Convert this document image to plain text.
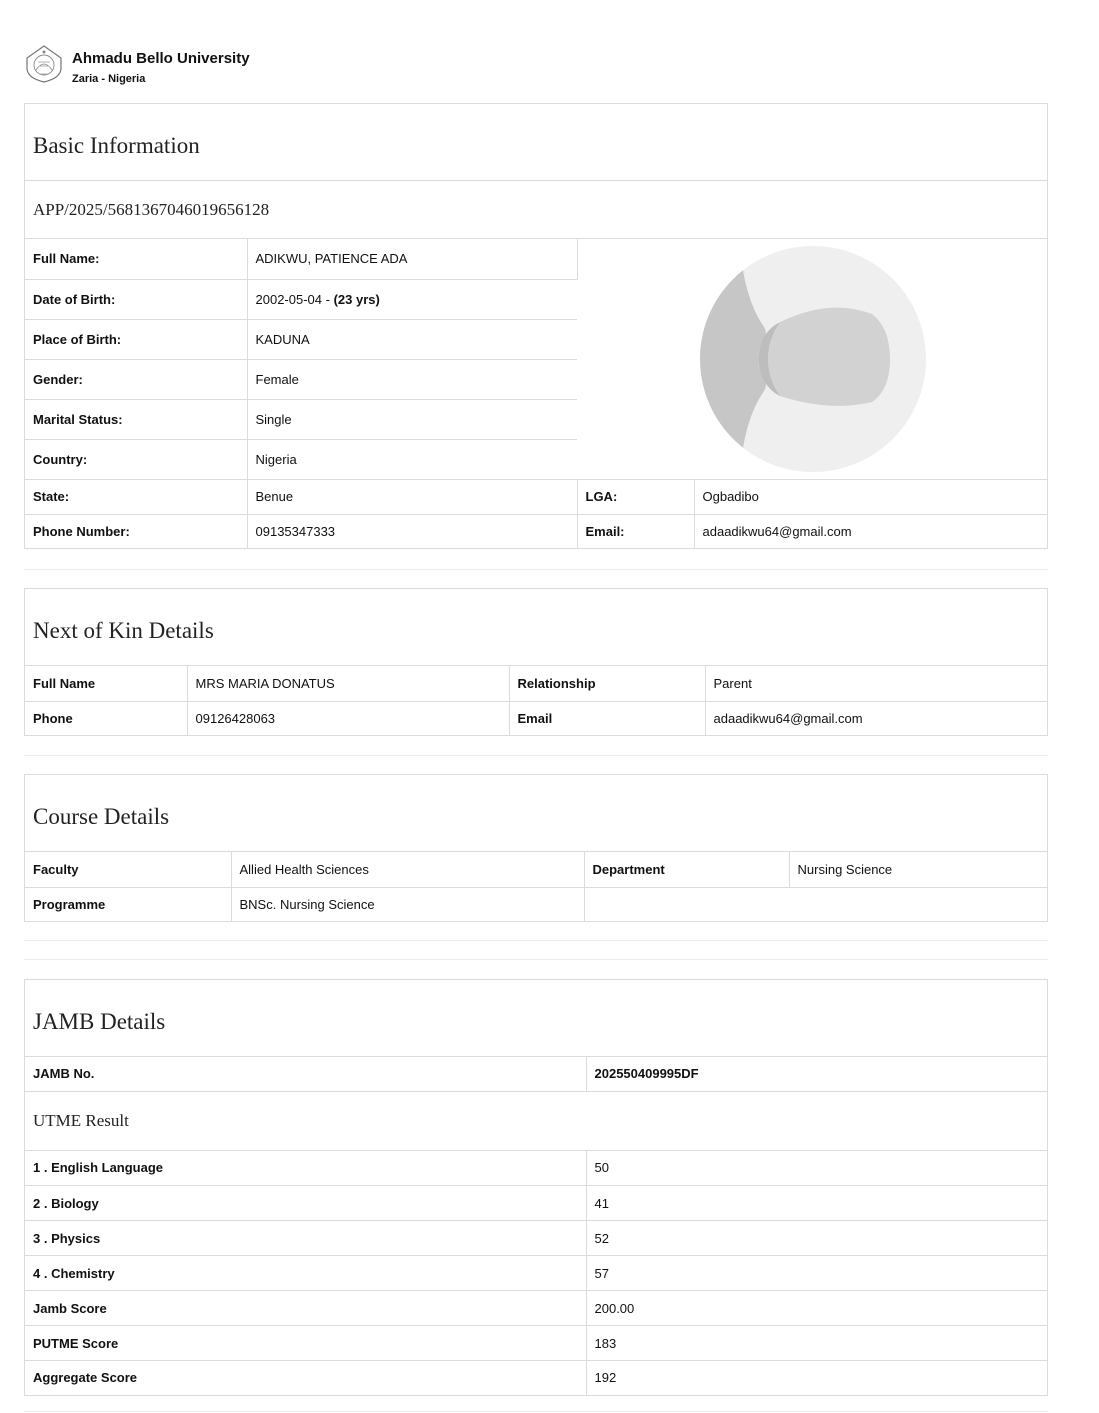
Ahmadu Bello University
Zaria - Nigeria
Basic Information
APP/2025/5681367046019656128
Full Name:	ADIKWU, PATIENCE ADA	

Date of Birth:	2002-05-04 - (23 yrs)		
Place of Birth:	KADUNA		
Gender:	Female		
Marital Status:	Single		
Country:	Nigeria		
State:	Benue	LGA:	Ogbadibo
Phone Number:	09135347333	Email:	adaadikwu64@gmail.com
Next of Kin Details
Full Name	MRS MARIA DONATUS	Relationship	Parent
Phone	09126428063	Email	adaadikwu64@gmail.com
Course Details
Faculty	Allied Health Sciences	Department	Nursing Science
Programme	BNSc. Nursing Science		
JAMB Details
JAMB No.	202550409995DF
UTME Result
1 . English Language	50
2 . Biology	41
3 . Physics	52
4 . Chemistry	57
Jamb Score	200.00
PUTME Score	183
Aggregate Score	192
